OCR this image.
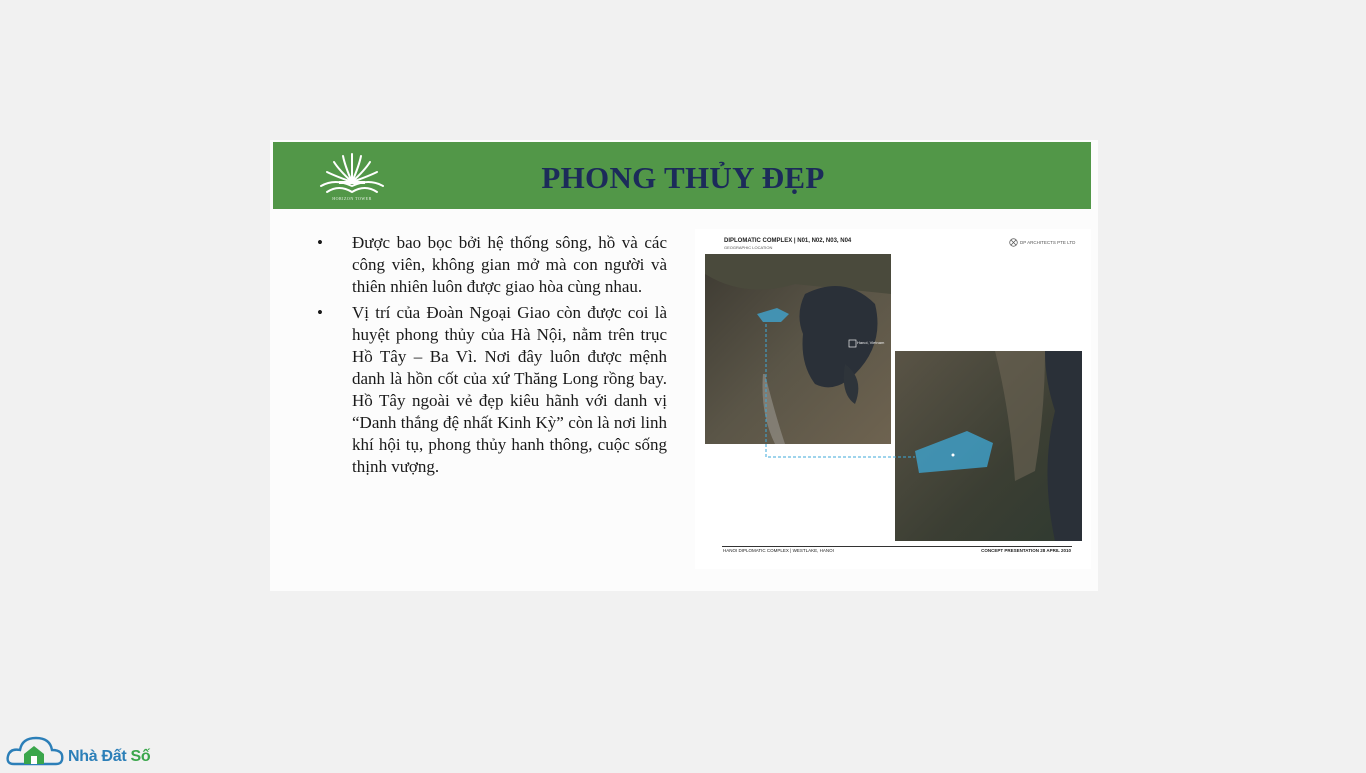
HORIZON TOWER
PHONG THỦY ĐẸP
• Được bao bọc bởi hệ thống sông, hồ và các công viên, không gian mở mà con người và thiên nhiên luôn được giao hòa cùng nhau.
• Vị trí của Đoàn Ngoại Giao còn được coi là huyệt phong thủy của Hà Nội, nằm trên trục Hồ Tây – Ba Vì. Nơi đây luôn được mệnh danh là hồn cốt của xứ Thăng Long rồng bay. Hồ Tây ngoài vẻ đẹp kiêu hãnh với danh vị “Danh thắng đệ nhất Kinh Kỳ” còn là nơi linh khí hội tụ, phong thủy hanh thông, cuộc sống thịnh vượng.
DIPLOMATIC COMPLEX | N01, N02, N03, N04
GEOGRAPHIC LOCATION
DP ARCHITECTS PTE LTD
Hanoi, Vietnam
HANOI DIPLOMATIC COMPLEX | WESTLAKE, HANOI	CONCEPT PRESENTATION 28 APRIL 2010
Nhà Đất Số
